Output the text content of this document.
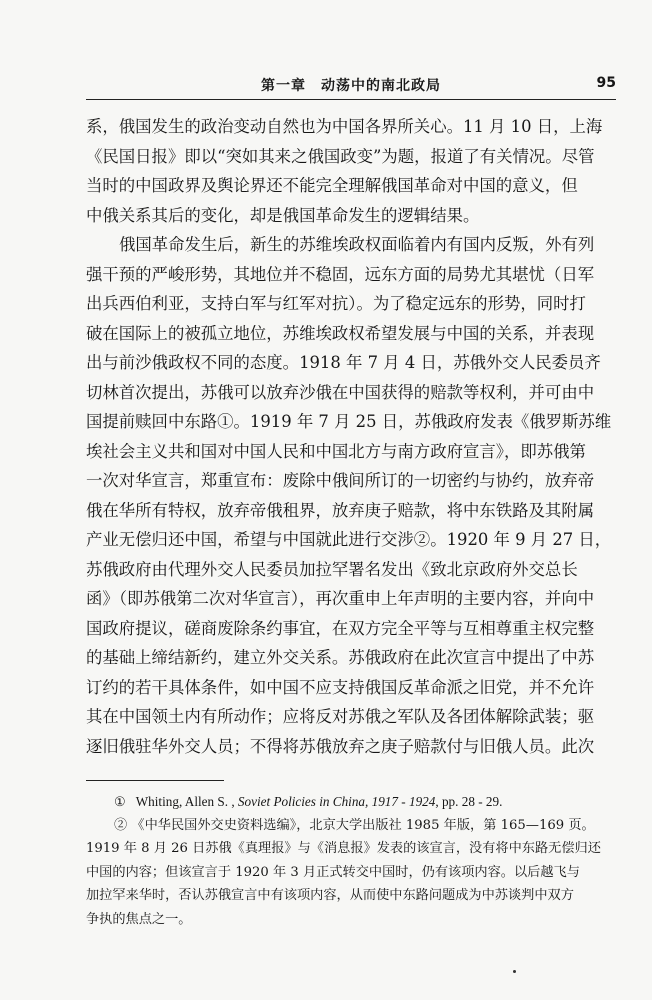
第一章　动荡中的南北政局	95
系，俄国发生的政治变动自然也为中国各界所关心。11 月 10 日，上海
《民国日报》即以“突如其来之俄国政变”为题，报道了有关情况。尽管
当时的中国政界及舆论界还不能完全理解俄国革命对中国的意义，但
中俄关系其后的变化，却是俄国革命发生的逻辑结果。
俄国革命发生后，新生的苏维埃政权面临着内有国内反叛，外有列
强干预的严峻形势，其地位并不稳固，远东方面的局势尤其堪忧（日军
出兵西伯利亚，支持白军与红军对抗）。为了稳定远东的形势，同时打
破在国际上的被孤立地位，苏维埃政权希望发展与中国的关系，并表现
出与前沙俄政权不同的态度。1918 年 7 月 4 日，苏俄外交人民委员齐
切林首次提出，苏俄可以放弃沙俄在中国获得的赔款等权利，并可由中
国提前赎回中东路①。1919 年 7 月 25 日，苏俄政府发表《俄罗斯苏维
埃社会主义共和国对中国人民和中国北方与南方政府宣言》，即苏俄第
一次对华宣言，郑重宣布：废除中俄间所订的一切密约与协约，放弃帝
俄在华所有特权，放弃帝俄租界，放弃庚子赔款，将中东铁路及其附属
产业无偿归还中国，希望与中国就此进行交涉②。1920 年 9 月 27 日，
苏俄政府由代理外交人民委员加拉罕署名发出《致北京政府外交总长
函》（即苏俄第二次对华宣言），再次重申上年声明的主要内容，并向中
国政府提议，磋商废除条约事宜，在双方完全平等与互相尊重主权完整
的基础上缔结新约，建立外交关系。苏俄政府在此次宣言中提出了中苏
订约的若干具体条件，如中国不应支持俄国反革命派之旧党，并不允许
其在中国领土内有所动作；应将反对苏俄之军队及各团体解除武装；驱
逐旧俄驻华外交人员；不得将苏俄放弃之庚子赔款付与旧俄人员。此次
① Whiting, Allen S. , Soviet Policies in China, 1917 - 1924, pp. 28 - 29.
② 《中华民国外交史资料选编》，北京大学出版社 1985 年版，第 165—169 页。
1919 年 8 月 26 日苏俄《真理报》与《消息报》发表的该宣言，没有将中东路无偿归还
中国的内容；但该宣言于 1920 年 3 月正式转交中国时，仍有该项内容。以后越飞与
加拉罕来华时，否认苏俄宣言中有该项内容，从而使中东路问题成为中苏谈判中双方
争执的焦点之一。
